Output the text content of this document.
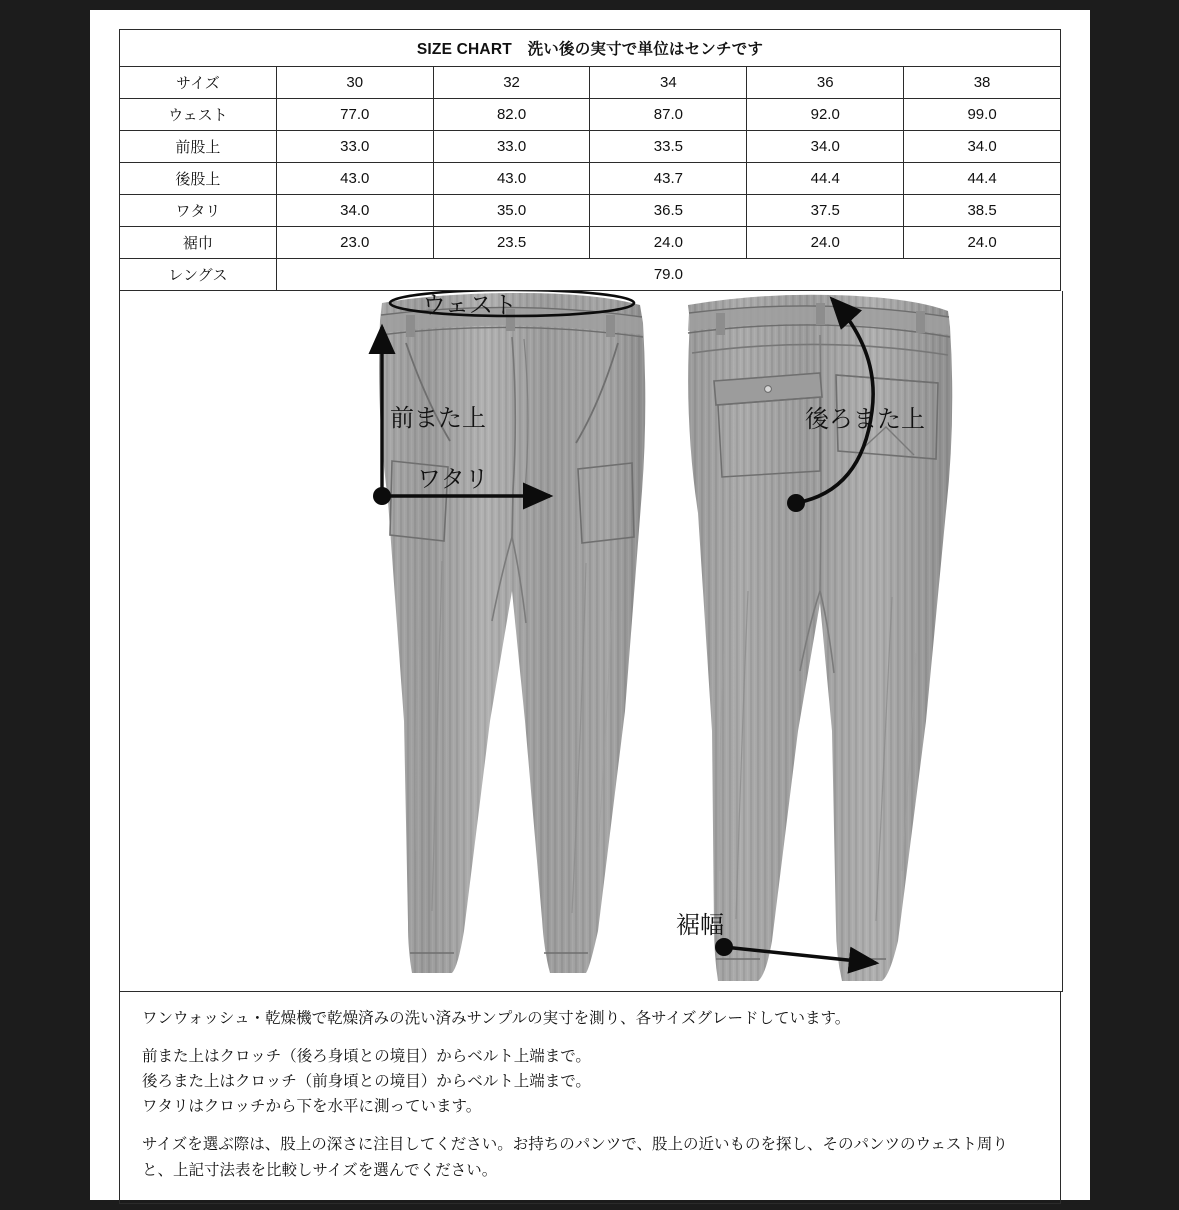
SIZE CHART　洗い後の実寸で単位はセンチです					
サイズ	30	32	34	36	38
ウェスト	77.0	82.0	87.0	92.0	99.0
前股上	33.0	33.0	33.5	34.0	34.0
後股上	43.0	43.0	43.7	44.4	44.4
ワタリ	34.0	35.0	36.5	37.5	38.5
裾巾	23.0	23.5	24.0	24.0	24.0
レングス	79.0				
ウェスト
前また上
ワタリ
後ろまた上
裾幅

ワンウォッシュ・乾燥機で乾燥済みの洗い済みサンプルの実寸を測り、各サイズグレードしています。

前また上はクロッチ（後ろ身頃との境目）からベルト上端まで。

後ろまた上はクロッチ（前身頃との境目）からベルト上端まで。

ワタリはクロッチから下を水平に測っています。

サイズを選ぶ際は、股上の深さに注目してください。お持ちのパンツで、股上の近いものを探し、そのパンツのウェスト周り

と、上記寸法表を比較しサイズを選んでください。
